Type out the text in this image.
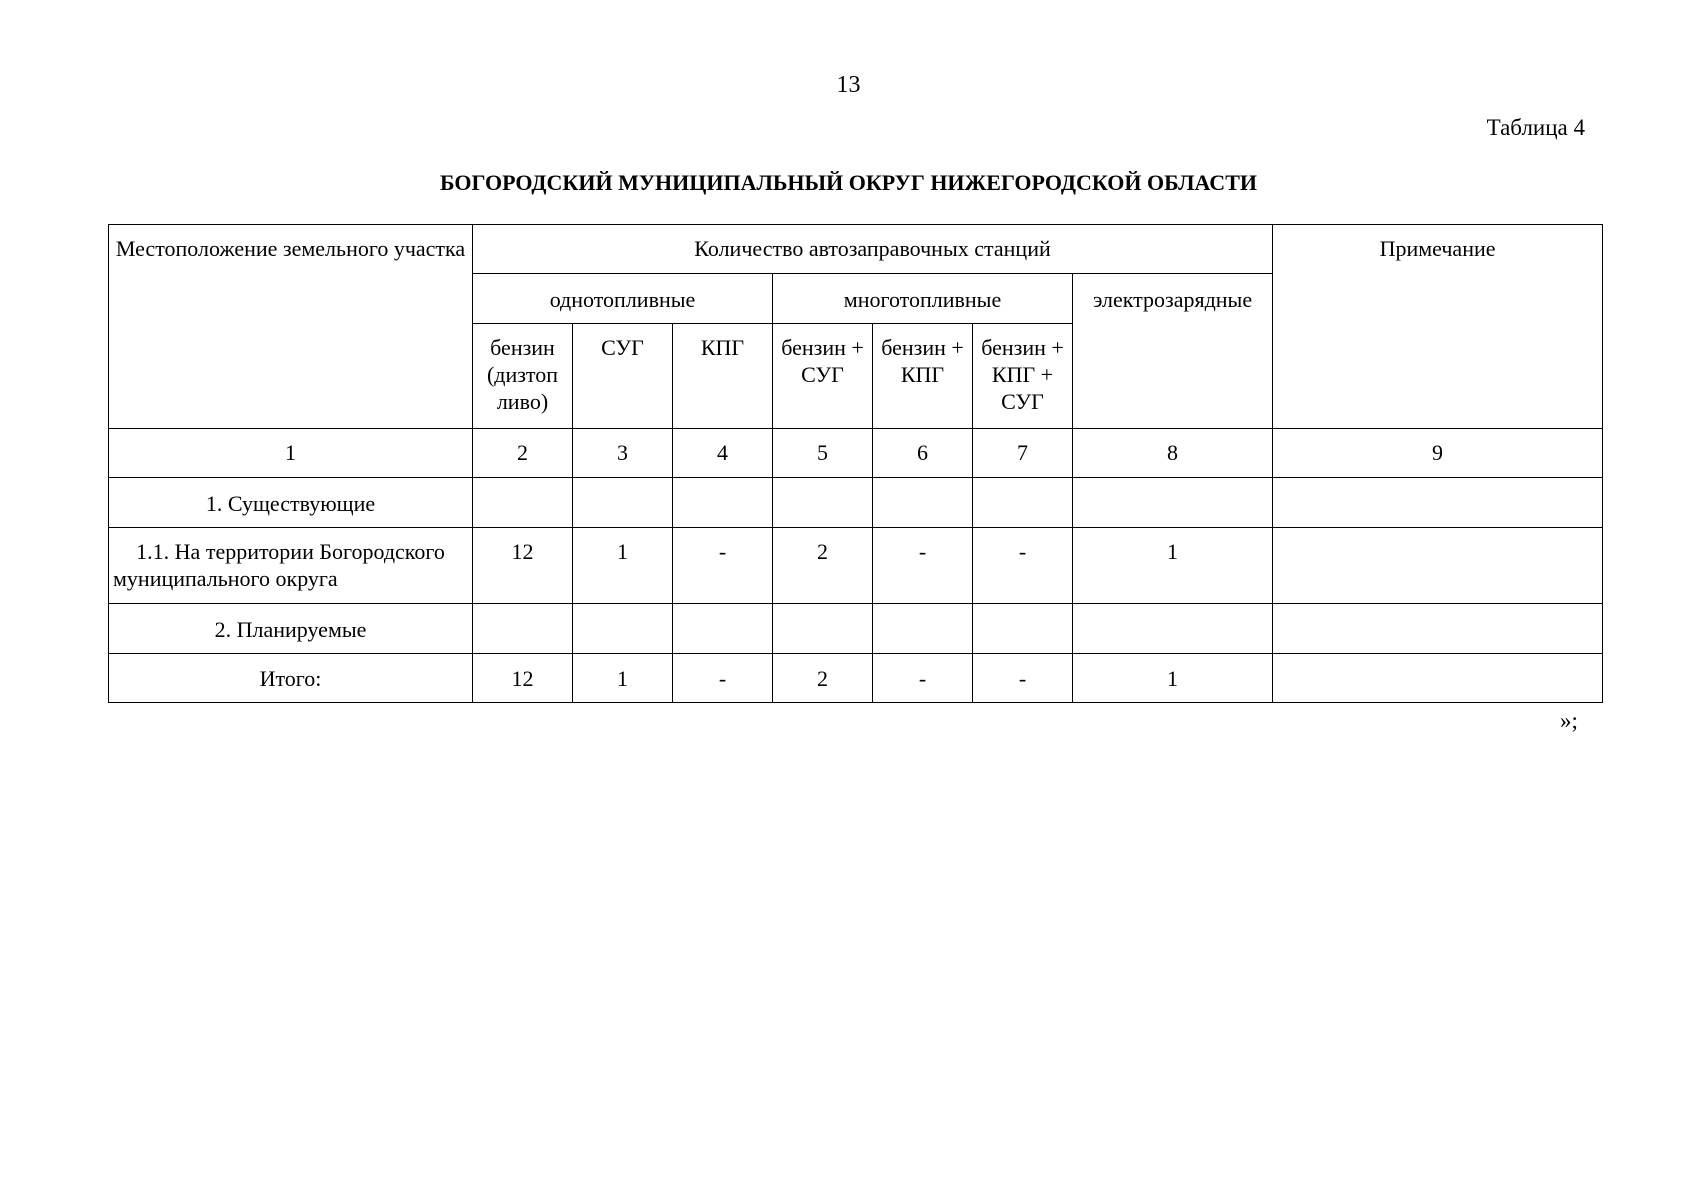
13
Таблица 4
БОГОРОДСКИЙ МУНИЦИПАЛЬНЫЙ ОКРУГ НИЖЕГОРОДСКОЙ ОБЛАСТИ
Местоположение земельного участка	Количество автозаправочных станций							Примечание
	однотопливные			многотопливные			электрозарядные	
	бензин (дизтоп ливо)	СУГ	КПГ	бензин + СУГ	бензин + КПГ	бензин + КПГ + СУГ		
1	2	3	4	5	6	7	8	9
1. Существующие								
1.1. На территории Богородского муниципального округа	12	1	-	2	-	-	1	
2. Планируемые								
Итого:	12	1	-	2	-	-	1	
»;
